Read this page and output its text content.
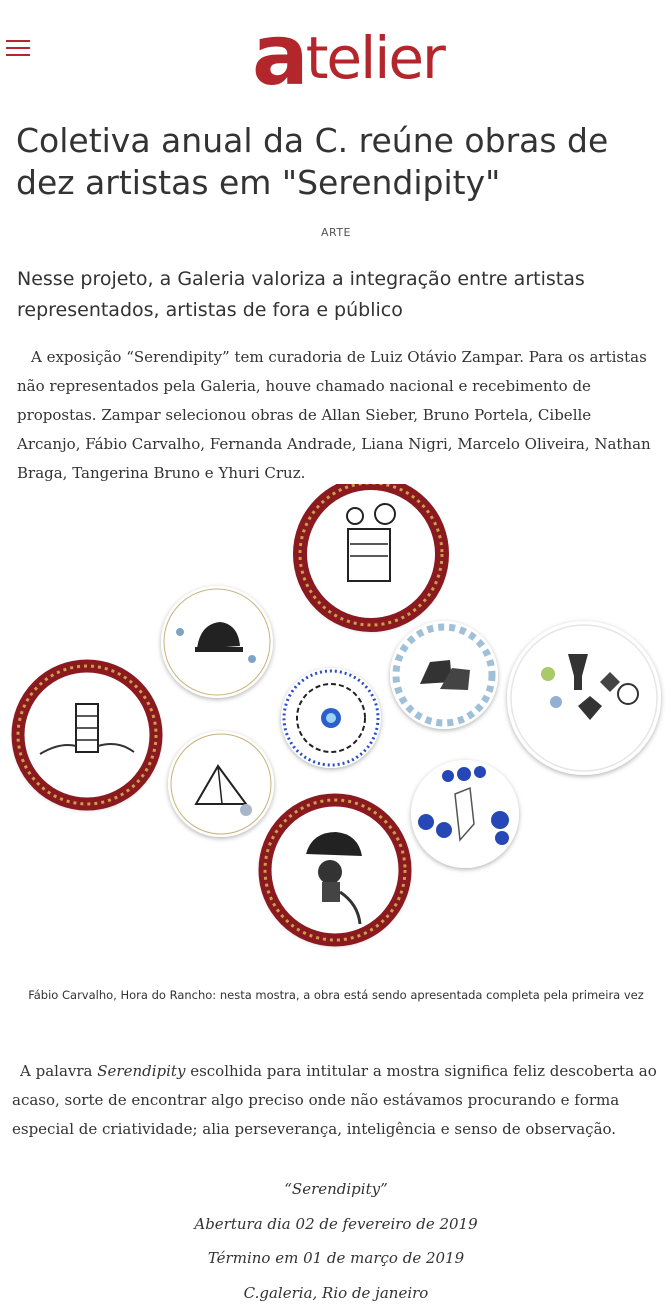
atelier
Coletiva anual da C. reúne obras de dez artistas em "Serendipity"
ARTE
Nesse projeto, a Galeria valoriza a integração entre artistas representados, artistas de fora e público

A exposição “Serendipity” tem curadoria de Luiz Otávio Zampar. Para os artistas não representados pela Galeria, houve chamado nacional e recebimento de propostas. Zampar selecionou obras de Allan Sieber, Bruno Portela, Cibelle Arcanjo, Fábio Carvalho, Fernanda Andrade, Liana Nigri, Marcelo Oliveira, Nathan Braga, Tangerina Bruno e Yhuri Cruz.

Fábio Carvalho, Hora do Rancho: nesta mostra, a obra está sendo apresentada completa pela primeira vez

A palavra Serendipity escolhida para intitular a mostra significa feliz descoberta ao acaso, sorte de encontrar algo preciso onde não estávamos procurando e forma especial de criatividade; alia perseverança, inteligência e senso de observação.

“Serendipity”
Abertura dia 02 de fevereiro de 2019
Término em 01 de março de 2019
C.galeria, Rio de janeiro
